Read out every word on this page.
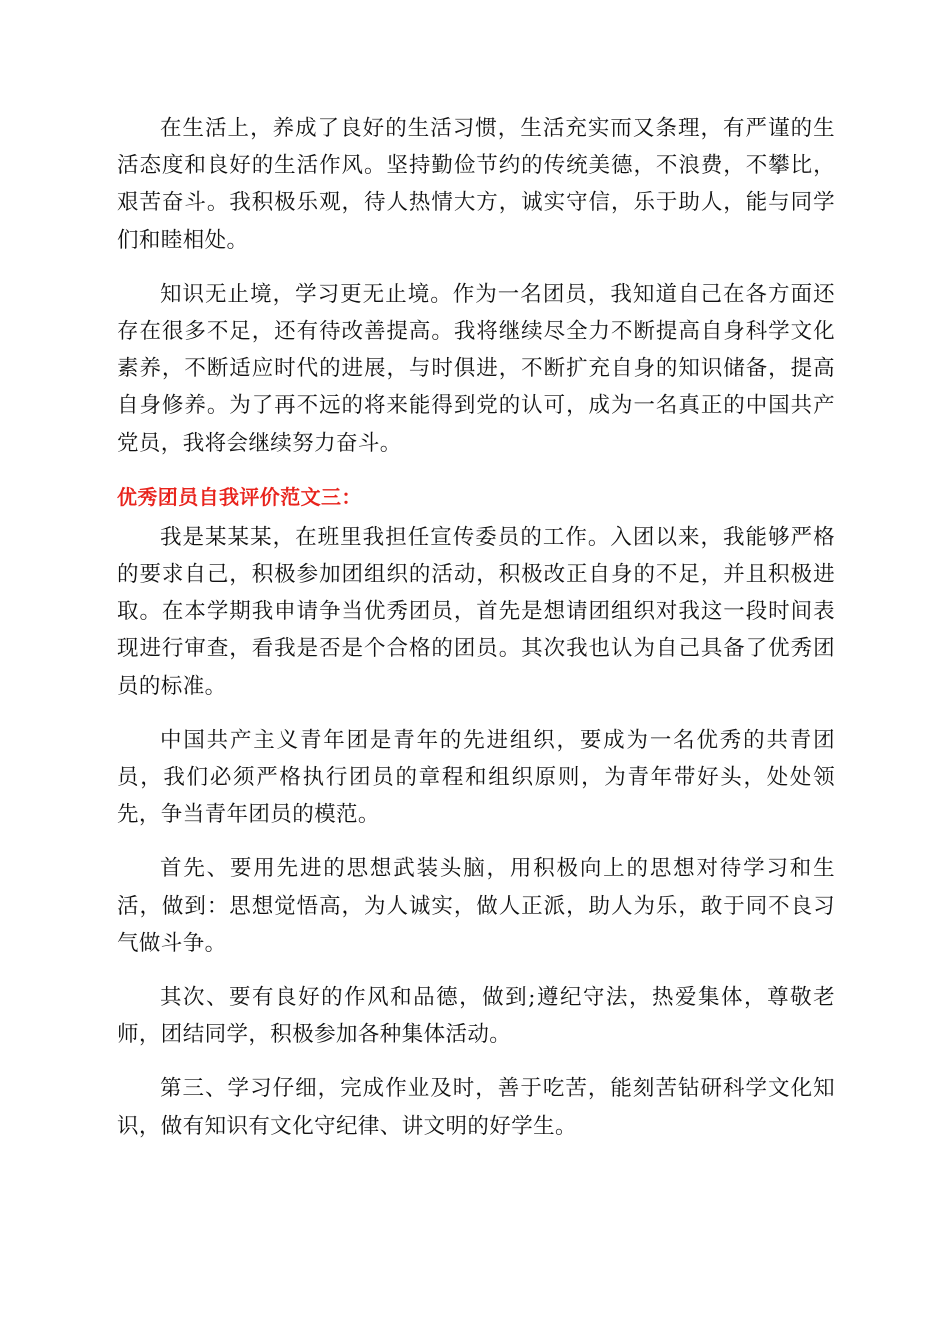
在生活上，养成了良好的生活习惯，生活充实而又条理，有严谨的生活态度和良好的生活作风。坚持勤俭节约的传统美德，不浪费，不攀比，艰苦奋斗。我积极乐观，待人热情大方，诚实守信，乐于助人，能与同学们和睦相处。

知识无止境，学习更无止境。作为一名团员，我知道自己在各方面还存在很多不足，还有待改善提高。我将继续尽全力不断提高自身科学文化素养，不断适应时代的进展，与时俱进，不断扩充自身的知识储备，提高自身修养。为了再不远的将来能得到党的认可，成为一名真正的中国共产党员，我将会继续努力奋斗。

优秀团员自我评价范文三：

我是某某某，在班里我担任宣传委员的工作。入团以来，我能够严格的要求自己，积极参加团组织的活动，积极改正自身的不足，并且积极进取。在本学期我申请争当优秀团员，首先是想请团组织对我这一段时间表现进行审查，看我是否是个合格的团员。其次我也认为自己具备了优秀团员的标准。

中国共产主义青年团是青年的先进组织，要成为一名优秀的共青团员，我们必须严格执行团员的章程和组织原则，为青年带好头，处处领先，争当青年团员的模范。

首先、要用先进的思想武装头脑，用积极向上的思想对待学习和生活，做到：思想觉悟高，为人诚实，做人正派，助人为乐，敢于同不良习气做斗争。

其次、要有良好的作风和品德，做到;遵纪守法，热爱集体，尊敬老师，团结同学，积极参加各种集体活动。

第三、学习仔细，完成作业及时，善于吃苦，能刻苦钻研科学文化知识，做有知识有文化守纪律、讲文明的好学生。
